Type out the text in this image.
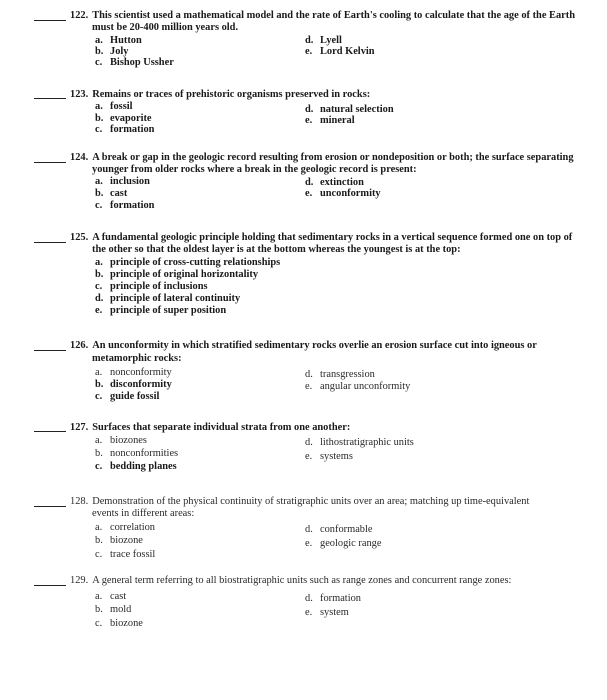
122. This scientist used a mathematical model and the rate of Earth's cooling to calculate that the age of the Earth
must be 20-400 million years old.
a. Hutton
b. Joly
c. Bishop Ussher
d. Lyell
e. Lord Kelvin
123. Remains or traces of prehistoric organisms preserved in rocks:
a. fossil
b. evaporite
c. formation
d. natural selection
e. mineral
124. A break or gap in the geologic record resulting from erosion or nondeposition or both; the surface separating
younger from older rocks where a break in the geologic record is present:
a. inclusion
b. cast
c. formation
d. extinction
e. unconformity
125. A fundamental geologic principle holding that sedimentary rocks in a vertical sequence formed one on top of
the other so that the oldest layer is at the bottom whereas the youngest is at the top:
a. principle of cross-cutting relationships
b. principle of original horizontality
c. principle of inclusions
d. principle of lateral continuity
e. principle of super position
126. An unconformity in which stratified sedimentary rocks overlie an erosion surface cut into igneous or
metamorphic rocks:
a. nonconformity
b. disconformity
c. guide fossil
d. transgression
e. angular unconformity
127. Surfaces that separate individual strata from one another:
a. biozones
b. nonconformities
c. bedding planes
d. lithostratigraphic units
e. systems
128. Demonstration of the physical continuity of stratigraphic units over an area; matching up time-equivalent
events in different areas:
a. correlation
b. biozone
c. trace fossil
d. conformable
e. geologic range
129. A general term referring to all biostratigraphic units such as range zones and concurrent range zones:
a. cast
b. mold
c. biozone
d. formation
e. system
